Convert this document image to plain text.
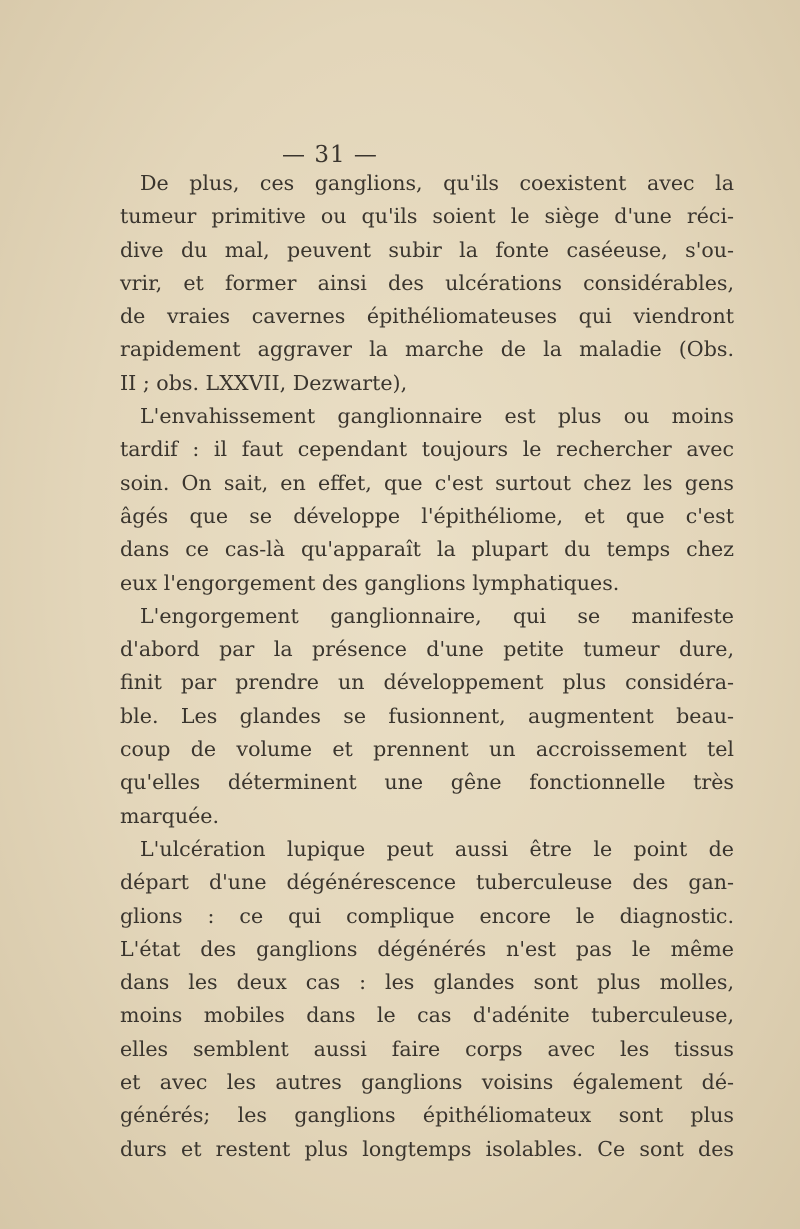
— 31 —

De plus, ces ganglions, qu'ils coexistent avec la
tumeur primitive ou qu'ils soient le siège d'une réci-
dive du mal, peuvent subir la fonte caséeuse, s'ou-
vrir, et former ainsi des ulcérations considérables,
de vraies cavernes épithéliomateuses qui viendront
rapidement aggraver la marche de la maladie (Obs.
II ; obs. LXXVII, Dezwarte),
L'envahissement ganglionnaire est plus ou moins
tardif : il faut cependant toujours le rechercher avec
soin. On sait, en effet, que c'est surtout chez les gens
âgés que se développe l'épithéliome, et que c'est
dans ce cas-là qu'apparaît la plupart du temps chez
eux l'engorgement des ganglions lymphatiques.
L'engorgement ganglionnaire, qui se manifeste
d'abord par la présence d'une petite tumeur dure,
finit par prendre un développement plus considéra-
ble. Les glandes se fusionnent, augmentent beau-
coup de volume et prennent un accroissement tel
qu'elles déterminent une gêne fonctionnelle très
marquée.
L'ulcération lupique peut aussi être le point de
départ d'une dégénérescence tuberculeuse des gan-
glions : ce qui complique encore le diagnostic.
L'état des ganglions dégénérés n'est pas le même
dans les deux cas : les glandes sont plus molles,
moins mobiles dans le cas d'adénite tuberculeuse,
elles semblent aussi faire corps avec les tissus
et avec les autres ganglions voisins également dé-
générés; les ganglions épithéliomateux sont plus
durs et restent plus longtemps isolables. Ce sont des
